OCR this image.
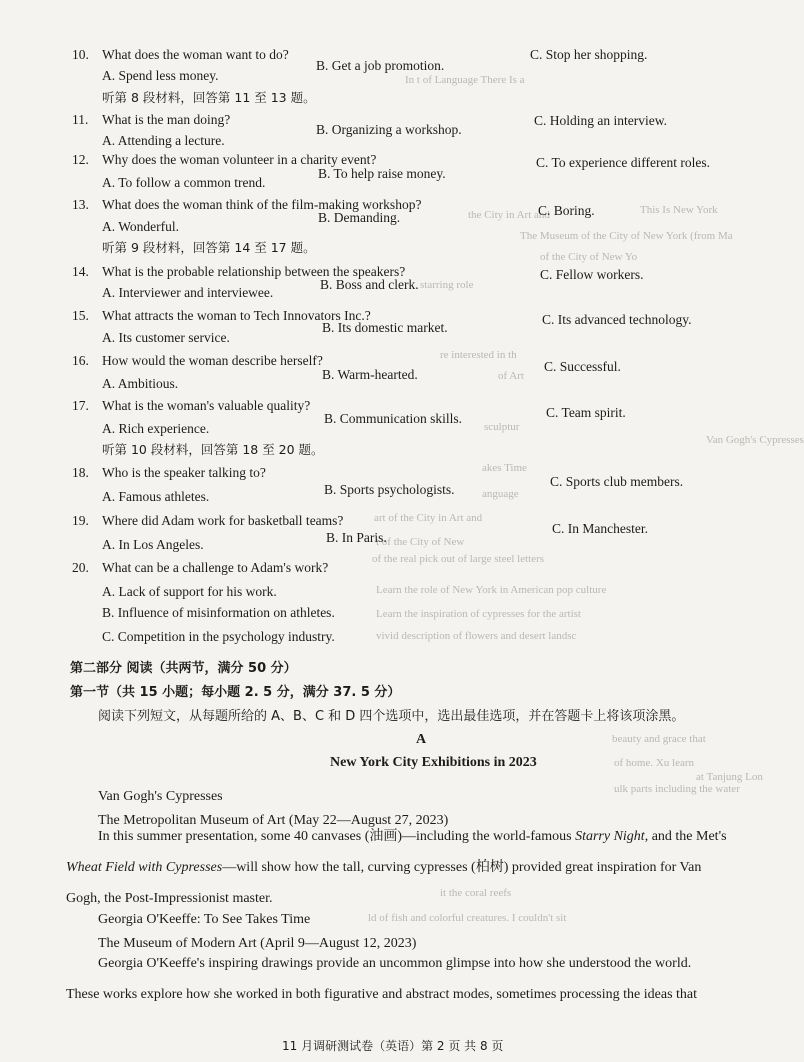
In t of Language There Is a
This Is New York
the City in Art and
The Museum of the City of New York (from Ma
of the City of New Yo
starring role
re interested in th
of Art
sculptur
Van Gogh's Cypresses
akes Time
anguage
art of the City in Art and
t of the City of New
of the real pick out of large steel letters
Learn the role of New York in American pop culture
Learn the inspiration of cypresses for the artist
vivid description of flowers and desert landsc
beauty and grace that
of home. Xu learn
at Tanjung Lon
ulk parts including the water
it the coral reefs
ld of fish and colorful creatures. I couldn't sit
10. What does the woman want to do?
A. Spend less money.
B. Get a job promotion.
C. Stop her shopping.
听第 8 段材料，回答第 11 至 13 题。
11. What is the man doing?
A. Attending a lecture.
B. Organizing a workshop.
C. Holding an interview.
12. Why does the woman volunteer in a charity event?
A. To follow a common trend.
B. To help raise money.
C. To experience different roles.
13. What does the woman think of the film-making workshop?
A. Wonderful.
B. Demanding.	C. Boring.
听第 9 段材料，回答第 14 至 17 题。
14. What is the probable relationship between the speakers?
A. Interviewer and interviewee.
B. Boss and clerk.
C. Fellow workers.
15. What attracts the woman to Tech Innovators Inc.?
A. Its customer service.
B. Its domestic market.
C. Its advanced technology.
16. How would the woman describe herself?
A. Ambitious.
B. Warm-hearted.
C. Successful.
17. What is the woman's valuable quality?
A. Rich experience.
B. Communication skills.	C. Team spirit.
听第 10 段材料，回答第 18 至 20 题。
18. Who is the speaker talking to?
A. Famous athletes.	B. Sports psychologists.
C. Sports club members.
19. Where did Adam work for basketball teams?
A. In Los Angeles.	B. In Paris.
C. In Manchester.
20. What can be a challenge to Adam's work?
A. Lack of support for his work.
B. Influence of misinformation on athletes.
C. Competition in the psychology industry.
第二部分 阅读（共两节，满分 50 分）
第一节（共 15 小题；每小题 2. 5 分，满分 37. 5 分）
阅读下列短文，从每题所给的 A、B、C 和 D 四个选项中，选出最佳选项，并在答题卡上将该项涂黑。
A
New York City Exhibitions in 2023
Van Gogh's Cypresses
The Metropolitan Museum of Art (May 22—August 27, 2023)
In this summer presentation, some 40 canvases (油画)—including the world-famous Starry Night, and the Met's
Wheat Field with Cypresses—will show how the tall, curving cypresses (柏树) provided great inspiration for Van
Gogh, the Post-Impressionist master.
Georgia O'Keeffe: To See Takes Time
The Museum of Modern Art (April 9—August 12, 2023)
Georgia O'Keeffe's inspiring drawings provide an uncommon glimpse into how she understood the world.
These works explore how she worked in both figurative and abstract modes, sometimes processing the ideas that
11 月调研测试卷（英语）第 2 页 共 8 页
